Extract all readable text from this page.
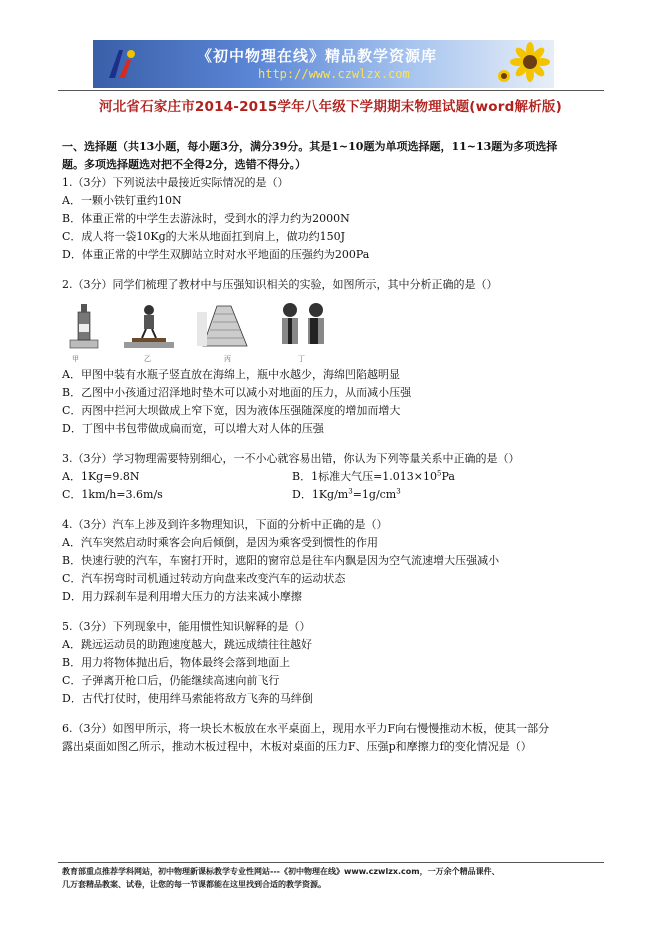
《初中物理在线》精品教学资源库
http://www.czwlzx.com
河北省石家庄市2014-2015学年八年级下学期期末物理试题(word解析版)

一、选择题（共13小题，每小题3分，满分39分。其是1~10题为单项选择题，11~13题为多项选择

题。多项选择题选对把不全得2分，选错不得分。）

1.（3分）下列说法中最接近实际情况的是（）

A．一颗小铁钉重约10N

B．体重正常的中学生去游泳时，受到水的浮力约为2000N

C．成人将一袋10Kg的大米从地面扛到肩上，做功约150J

D．体重正常的中学生双脚站立时对水平地面的压强约为200Pa

2.（3分）同学们梳理了教材中与压强知识相关的实验，如图所示，其中分析正确的是（）

甲	乙	丙	丁

A．甲图中装有水瓶子竖直放在海绵上，瓶中水越少，海绵凹陷越明显

B．乙图中小孩通过沼泽地时垫木可以减小对地面的压力，从而减小压强

C．丙图中拦河大坝做成上窄下宽，因为液体压强随深度的增加而增大

D．丁图中书包带做成扁而宽，可以增大对人体的压强

3.（3分）学习物理需要特别细心，一不小心就容易出错，你认为下列等量关系中正确的是（）

A．1Kg=9.8N	B．1标准大气压$=1.013\times 10^5Pa$

C．1km/h=3.6m/s	D．$1Kg/m^3=1g/cm^3$

4.（3分）汽车上涉及到许多物理知识，下面的分析中正确的是（）

A．汽车突然启动时乘客会向后倾倒，是因为乘客受到惯性的作用

B．快速行驶的汽车，车窗打开时，遮阳的窗帘总是往车内飘是因为空气流速增大压强减小

C．汽车拐弯时司机通过转动方向盘来改变汽车的运动状态

D．用力踩刹车是利用增大压力的方法来减小摩擦

5.（3分）下列现象中，能用惯性知识解释的是（）

A．跳远运动员的助跑速度越大，跳远成绩往往越好

B．用力将物体抛出后，物体最终会落到地面上

C．子弹离开枪口后，仍能继续高速向前飞行

D．古代打仗时，使用绊马索能将敌方飞奔的马绊倒

6.（3分）如图甲所示，将一块长木板放在水平桌面上，现用水平力F向右慢慢推动木板，使其一部分

露出桌面如图乙所示，推动木板过程中，木板对桌面的压力F、压强p和摩擦力f的变化情况是（）

教育部重点推荐学科网站，初中物理新课标教学专业性网站---《初中物理在线》www.czwlzx.com，一万余个精品课件、
几万套精品教案、试卷，让您的每一节课都能在这里找到合适的教学资源。
